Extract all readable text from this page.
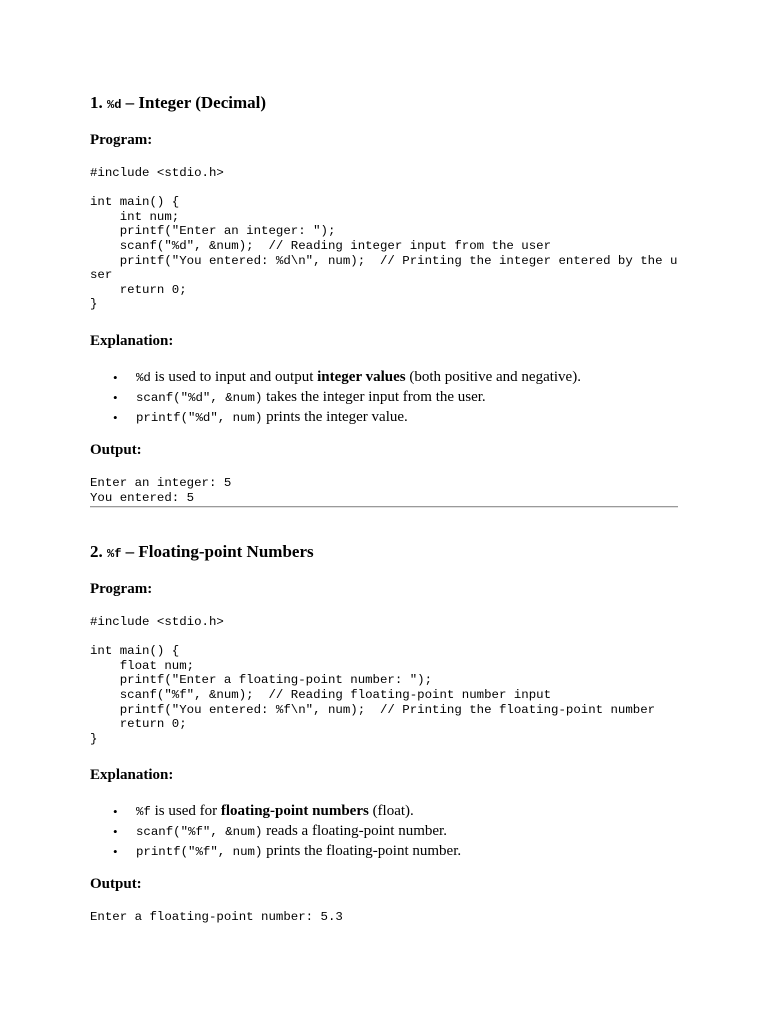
1. %d – Integer (Decimal)
Program:
#include <stdio.h>

int main() {
int num;
printf("Enter an integer: ");
scanf("%d", &num);  // Reading integer input from the user
printf("You entered: %d\n", num);  // Printing the integer entered by the user
return 0;
}
Explanation:
• %d is used to input and output integer values (both positive and negative).
• scanf("%d", &num) takes the integer input from the user.
• printf("%d", num) prints the integer value.
Output:
Enter an integer: 5
You entered: 5
2. %f – Floating-point Numbers
Program:
#include <stdio.h>

int main() {
float num;
printf("Enter a floating-point number: ");
scanf("%f", &num);  // Reading floating-point number input
printf("You entered: %f\n", num);  // Printing the floating-point number
return 0;
}
Explanation:
• %f is used for floating-point numbers (float).
• scanf("%f", &num) reads a floating-point number.
• printf("%f", num) prints the floating-point number.
Output:
Enter a floating-point number: 5.3
